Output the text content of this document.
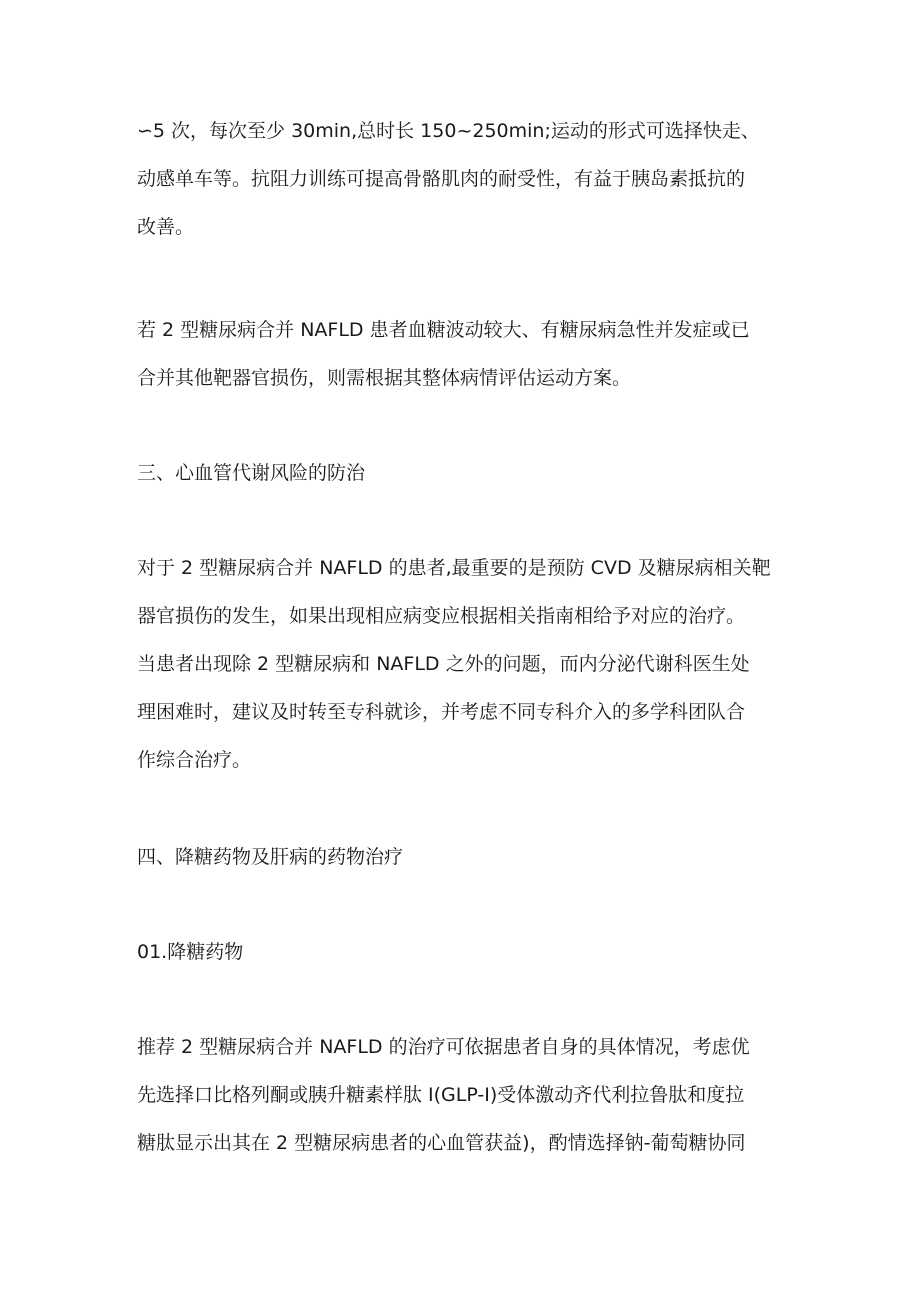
∽5 次，每次至少 30min,总时长 150~250min;运动的形式可选择快走、
动感单车等。抗阻力训练可提高骨骼肌肉的耐受性，有益于胰岛素抵抗的
改善。

若 2 型糖尿病合并 NAFLD 患者血糖波动较大、有糖尿病急性并发症或已
合并其他靶器官损伤，则需根据其整体病情评估运动方案。

三、心血管代谢风险的防治

对于 2 型糖尿病合并 NAFLD 的患者,最重要的是预防 CVD 及糖尿病相关靶
器官损伤的发生，如果出现相应病变应根据相关指南相给予对应的治疗。
当患者出现除 2 型糖尿病和 NAFLD 之外的问题，而内分泌代谢科医生处
理困难时，建议及时转至专科就诊，并考虑不同专科介入的多学科团队合
作综合治疗。

四、降糖药物及肝病的药物治疗
01.降糖药物

推荐 2 型糖尿病合并 NAFLD 的治疗可依据患者自身的具体情况，考虑优
先选择口比格列酮或胰升糖素样肽 I(GLP-I)受体激动齐代利拉鲁肽和度拉
糖肽显示出其在 2 型糖尿病患者的心血管获益)，酌情选择钠-葡萄糖协同
